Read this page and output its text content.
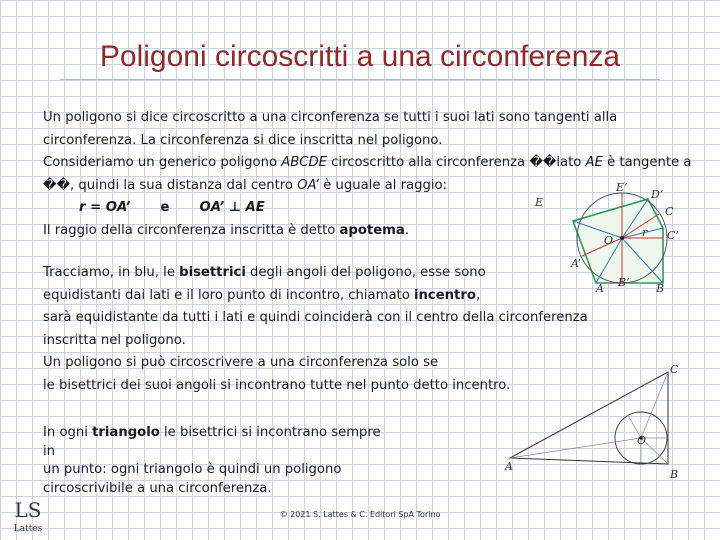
Poligoni circoscritti a una circonferenza
Un poligono si dice circoscritto a una circonferenza se tutti i suoi lati sono tangenti alla
circonferenza. La circonferenza si dice inscritta nel poligono.
Consideriamo un generico poligono ABCDE circoscritto alla circonferenza ��lato AE è tangente a
��, quindi la sua distanza dal centro OA’ è uguale al raggio:
r = OA’ e OA’ ⊥ AE
Il raggio della circonferenza inscritta è detto apotema.
Tracciamo, in blu, le bisettrici degli angoli del poligono, esse sono
equidistanti dai lati e il loro punto di incontro, chiamato incentro,
sarà equidistante da tutti i lati e quindi coinciderà con il centro della circonferenza
inscritta nel poligono.
Un poligono si può circoscrivere a una circonferenza solo se
le bisettrici dei suoi angoli si incontrano tutte nel punto detto incentro.
In ogni triangolo le bisettrici si incontrano sempre in
un punto: ogni triangolo è quindi un poligono
circoscrivibile a una circonferenza.
E
E’
D’
C
C’
O
r
A’
A B’ B
A
B
C
O
LS
Lattes
© 2021 S. Lattes & C. Editori SpA Torino
